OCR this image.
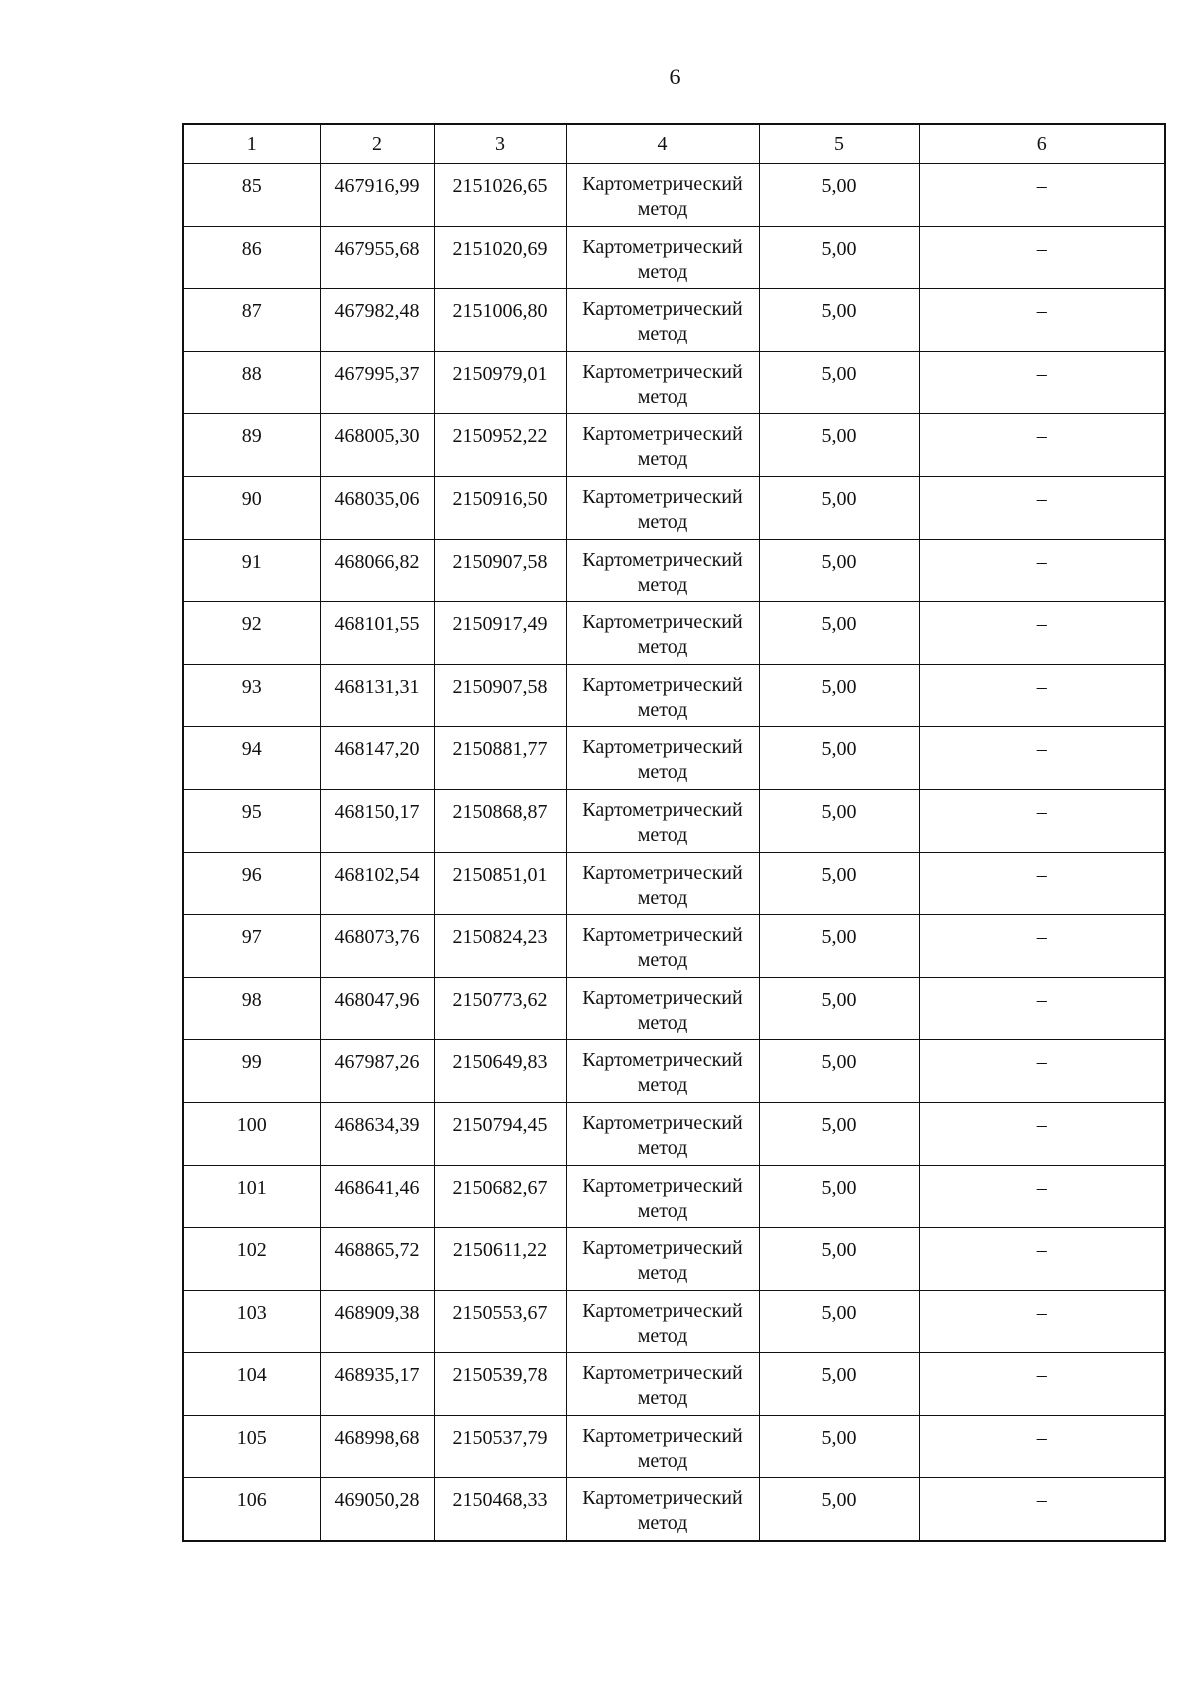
6
1	2	3	4	5	6
85	467916,99	2151026,65	Картометрический метод	5,00	–
86	467955,68	2151020,69	Картометрический метод	5,00	–
87	467982,48	2151006,80	Картометрический метод	5,00	–
88	467995,37	2150979,01	Картометрический метод	5,00	–
89	468005,30	2150952,22	Картометрический метод	5,00	–
90	468035,06	2150916,50	Картометрический метод	5,00	–
91	468066,82	2150907,58	Картометрический метод	5,00	–
92	468101,55	2150917,49	Картометрический метод	5,00	–
93	468131,31	2150907,58	Картометрический метод	5,00	–
94	468147,20	2150881,77	Картометрический метод	5,00	–
95	468150,17	2150868,87	Картометрический метод	5,00	–
96	468102,54	2150851,01	Картометрический метод	5,00	–
97	468073,76	2150824,23	Картометрический метод	5,00	–
98	468047,96	2150773,62	Картометрический метод	5,00	–
99	467987,26	2150649,83	Картометрический метод	5,00	–
100	468634,39	2150794,45	Картометрический метод	5,00	–
101	468641,46	2150682,67	Картометрический метод	5,00	–
102	468865,72	2150611,22	Картометрический метод	5,00	–
103	468909,38	2150553,67	Картометрический метод	5,00	–
104	468935,17	2150539,78	Картометрический метод	5,00	–
105	468998,68	2150537,79	Картометрический метод	5,00	–
106	469050,28	2150468,33	Картометрический метод	5,00	–
